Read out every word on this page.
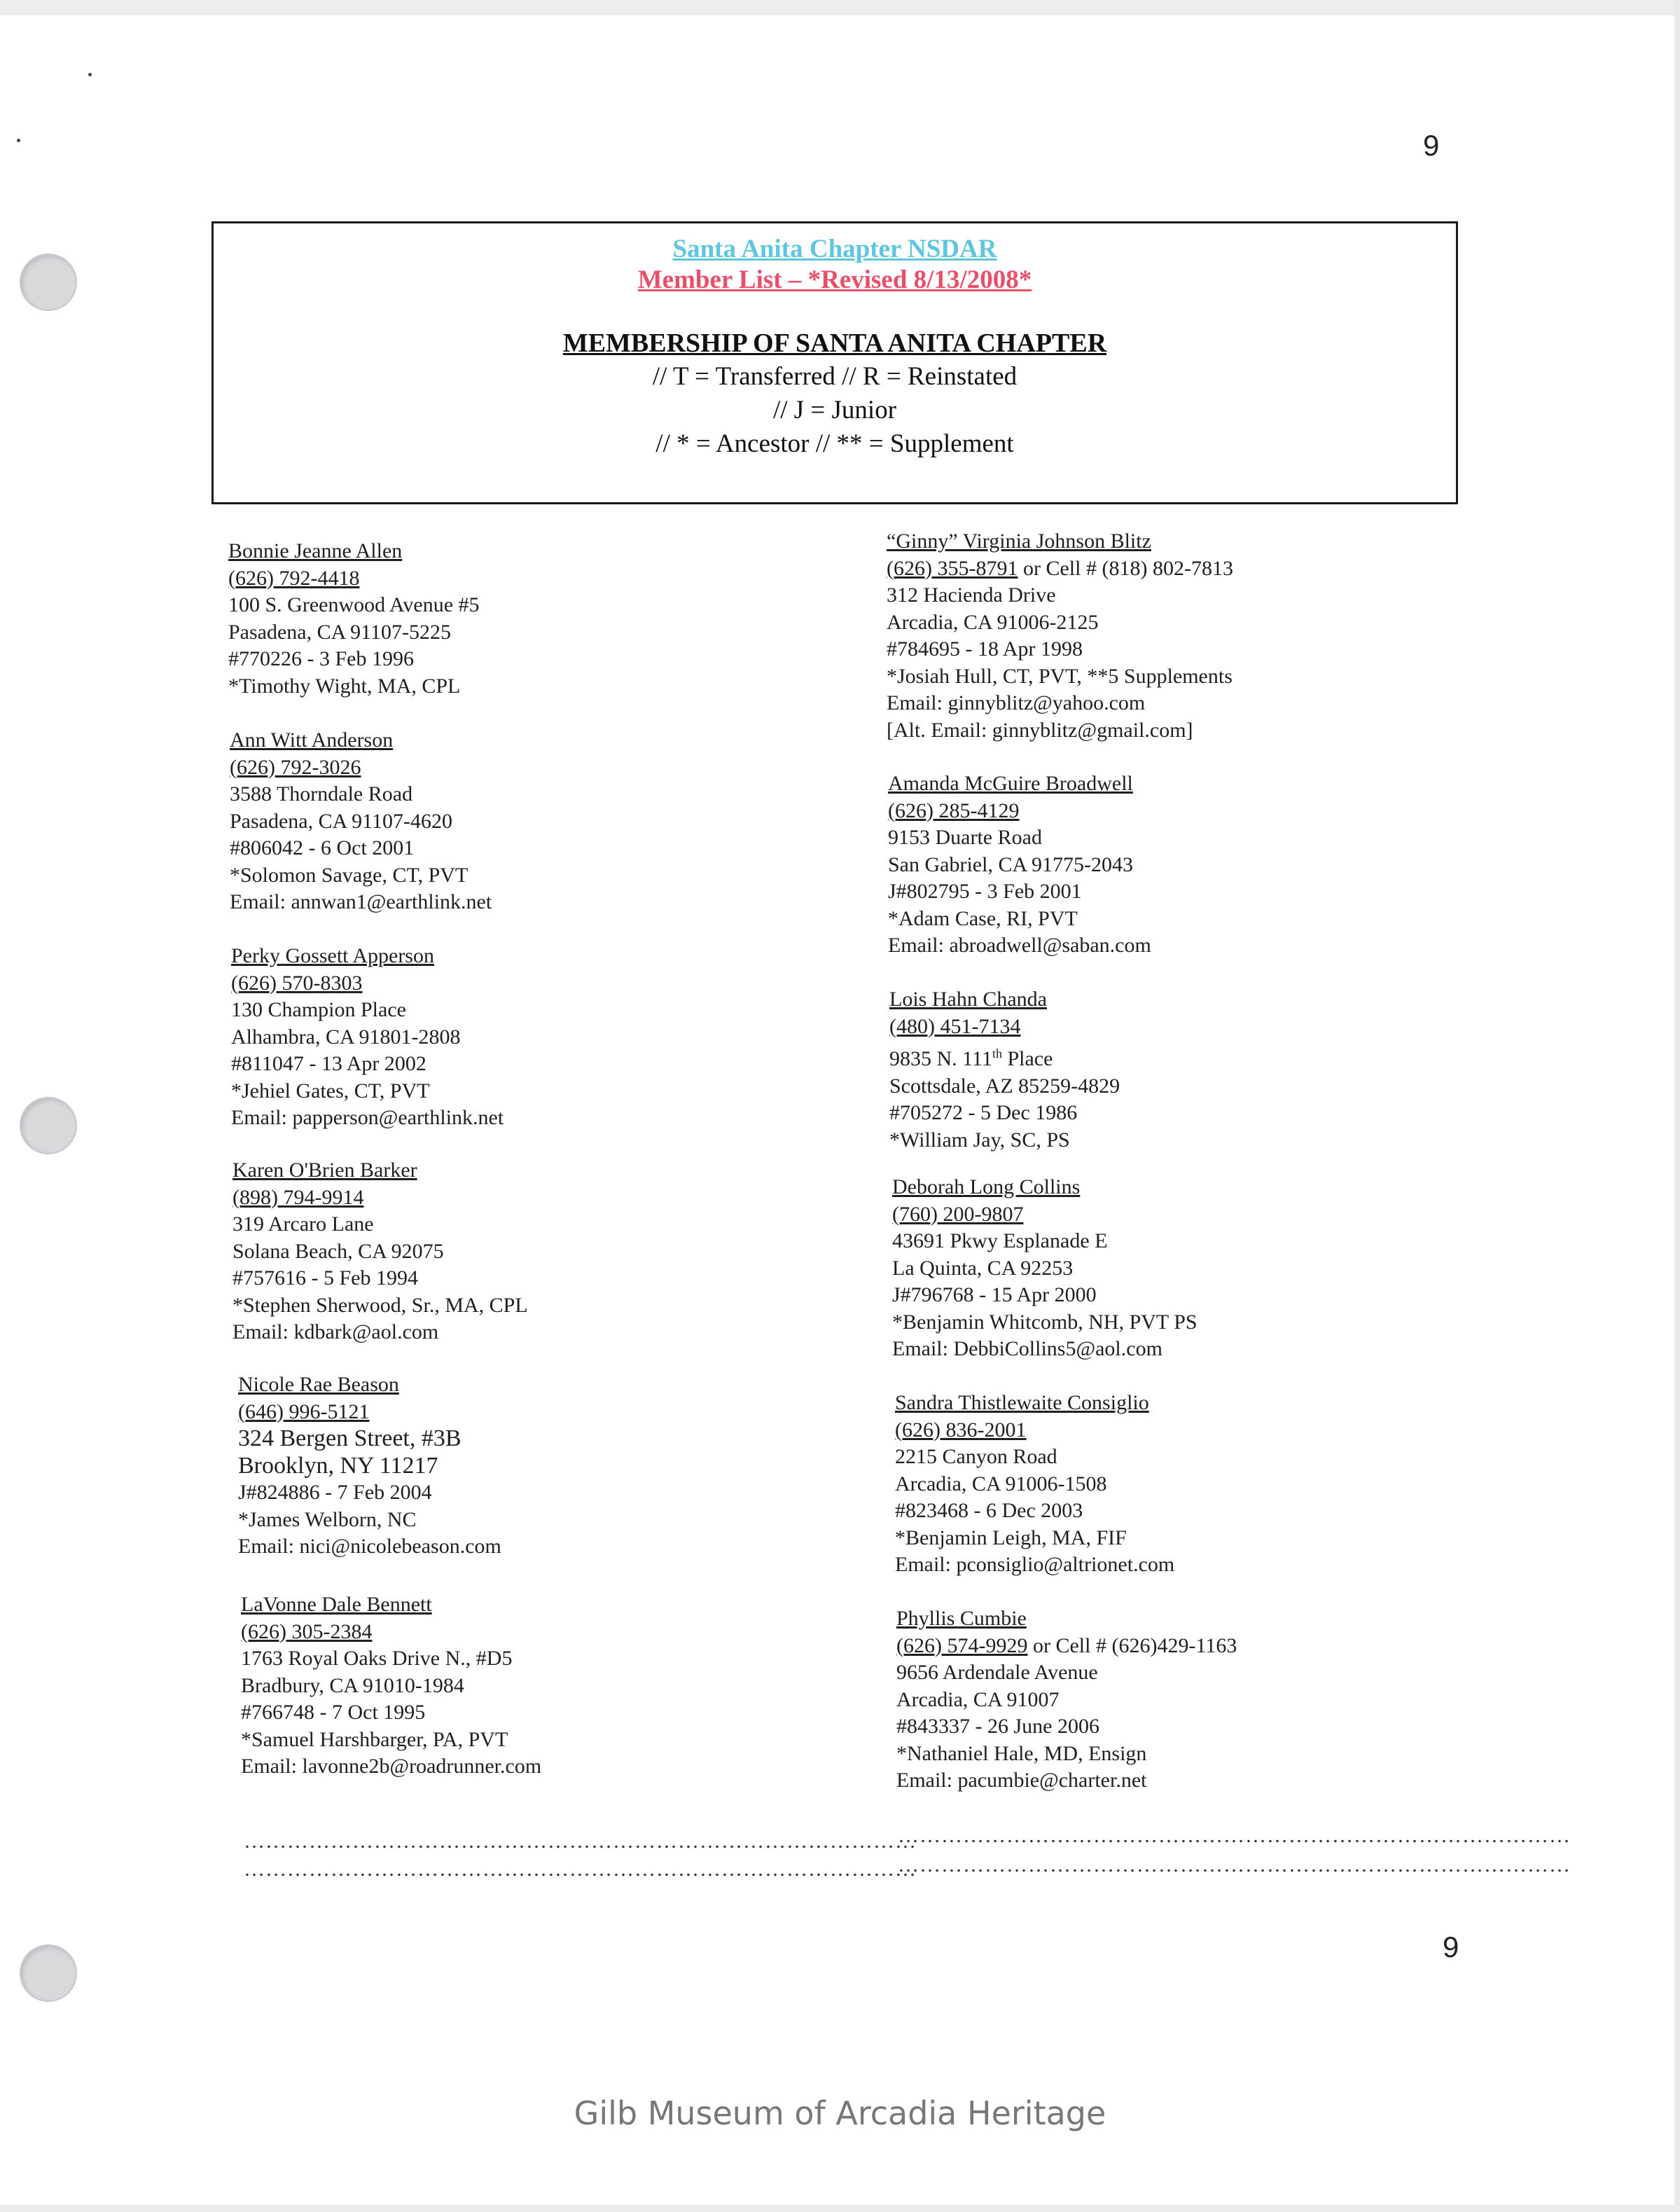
9
9
Santa Anita Chapter NSDAR
Member List – *Revised 8/13/2008*
MEMBERSHIP OF SANTA ANITA CHAPTER
// T = Transferred // R = Reinstated
// J = Junior
// * = Ancestor // ** = Supplement
Bonnie Jeanne Allen
(626) 792-4418
100 S. Greenwood Avenue #5
Pasadena, CA 91107-5225
#770226 - 3 Feb 1996
*Timothy Wight, MA, CPL
Ann Witt Anderson
(626) 792-3026
3588 Thorndale Road
Pasadena, CA 91107-4620
#806042 - 6 Oct 2001
*Solomon Savage, CT, PVT
Email: annwan1@earthlink.net
Perky Gossett Apperson
(626) 570-8303
130 Champion Place
Alhambra, CA 91801-2808
#811047 - 13 Apr 2002
*Jehiel Gates, CT, PVT
Email: papperson@earthlink.net
Karen O'Brien Barker
(898) 794-9914
319 Arcaro Lane
Solana Beach, CA 92075
#757616 - 5 Feb 1994
*Stephen Sherwood, Sr., MA, CPL
Email: kdbark@aol.com
Nicole Rae Beason
(646) 996-5121
324 Bergen Street, #3B
Brooklyn, NY 11217
J#824886 - 7 Feb 2004
*James Welborn, NC
Email: nici@nicolebeason.com
LaVonne Dale Bennett
(626) 305-2384
1763 Royal Oaks Drive N., #D5
Bradbury, CA 91010-1984
#766748 - 7 Oct 1995
*Samuel Harshbarger, PA, PVT
Email: lavonne2b@roadrunner.com
“Ginny” Virginia Johnson Blitz
(626) 355-8791 or Cell # (818) 802-7813
312 Hacienda Drive
Arcadia, CA 91006-2125
#784695 - 18 Apr 1998
*Josiah Hull, CT, PVT, **5 Supplements
Email: ginnyblitz@yahoo.com
[Alt. Email: ginnyblitz@gmail.com]
Amanda McGuire Broadwell
(626) 285-4129
9153 Duarte Road
San Gabriel, CA 91775-2043
J#802795 - 3 Feb 2001
*Adam Case, RI, PVT
Email: abroadwell@saban.com
Lois Hahn Chanda
(480) 451-7134
9835 N. 111th Place
Scottsdale, AZ 85259-4829
#705272 - 5 Dec 1986
*William Jay, SC, PS
Deborah Long Collins
(760) 200-9807
43691 Pkwy Esplanade E
La Quinta, CA 92253
J#796768 - 15 Apr 2000
*Benjamin Whitcomb, NH, PVT PS
Email: DebbiCollins5@aol.com
Sandra Thistlewaite Consiglio
(626) 836-2001
2215 Canyon Road
Arcadia, CA 91006-1508
#823468 - 6 Dec 2003
*Benjamin Leigh, MA, FIF
Email: pconsiglio@altrionet.com
Phyllis Cumbie
(626) 574-9929 or Cell # (626)429-1163
9656 Ardendale Avenue
Arcadia, CA 91007
#843337 - 26 June 2006
*Nathaniel Hale, MD, Ensign
Email: pacumbie@charter.net
…………………………………………………………………………………
…………………………………………………………………………………
…………………………………………………………………………………
…………………………………………………………………………………
Gilb Museum of Arcadia Heritage
